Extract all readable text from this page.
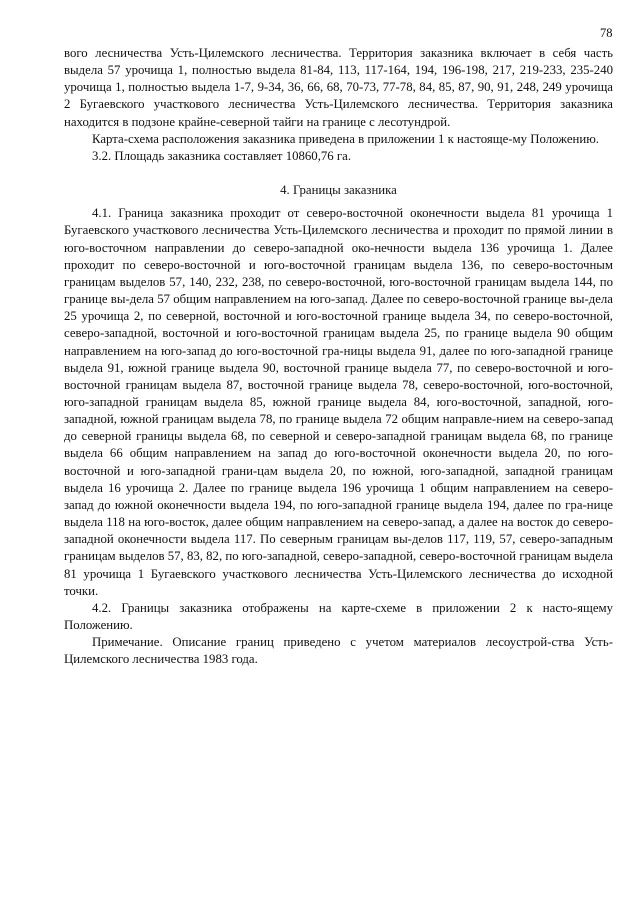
78

вого лесничества Усть-Цилемского лесничества. Территория заказника включает в себя часть выдела 57 урочища 1, полностью выдела 81-84, 113, 117-164, 194, 196-198, 217, 219-233, 235-240 урочища 1, полностью выдела 1-7, 9-34, 36, 66, 68, 70-73, 77-78, 84, 85, 87, 90, 91, 248, 249 урочища 2 Бугаевского участкового лесничества Усть-Цилемского лесничества. Территория заказника находится в подзоне крайне-северной тайги на границе с лесотундрой.

Карта-схема расположения заказника приведена в приложении 1 к настояще-му Положению.

3.2. Площадь заказника составляет 10860,76 га.

4. Границы заказника

4.1. Граница заказника проходит от северо-восточной оконечности выдела 81 урочища 1 Бугаевского участкового лесничества Усть-Цилемского лесничества и проходит по прямой линии в юго-восточном направлении до северо-западной око-нечности выдела 136 урочища 1. Далее проходит по северо-восточной и юго-восточной границам выдела 136, по северо-восточным границам выделов 57, 140, 232, 238, по северо-восточной, юго-восточной границам выдела 144, по границе вы-дела 57 общим направлением на юго-запад. Далее по северо-восточной границе вы-дела 25 урочища 2, по северной, восточной и юго-восточной границе выдела 34, по северо-восточной, северо-западной, восточной и юго-восточной границам выдела 25, по границе выдела 90 общим направлением на юго-запад до юго-восточной гра-ницы выдела 91, далее по юго-западной границе выдела 91, южной границе выдела 90, восточной границе выдела 77, по северо-восточной и юго-восточной границам выдела 87, восточной границе выдела 78, северо-восточной, юго-восточной, юго-западной границам выдела 85, южной границе выдела 84, юго-восточной, западной, юго-западной, южной границам выдела 78, по границе выдела 72 общим направле-нием на северо-запад до северной границы выдела 68, по северной и северо-западной границам выдела 68, по границе выдела 66 общим направлением на запад до юго-восточной оконечности выдела 20, по юго-восточной и юго-западной грани-цам выдела 20, по южной, юго-западной, западной границам выдела 16 урочища 2. Далее по границе выдела 196 урочища 1 общим направлением на северо-запад до южной оконечности выдела 194, по юго-западной границе выдела 194, далее по гра-нице выдела 118 на юго-восток, далее общим направлением на северо-запад, а далее на восток до северо-западной оконечности выдела 117. По северным границам вы-делов 117, 119, 57, северо-западным границам выделов 57, 83, 82, по юго-западной, северо-западной, северо-восточной границам выдела 81 урочища 1 Бугаевского участкового лесничества Усть-Цилемского лесничества до исходной точки.

4.2. Границы заказника отображены на карте-схеме в приложении 2 к насто-ящему Положению.

Примечание. Описание границ приведено с учетом материалов лесоустрой-ства Усть-Цилемского лесничества 1983 года.
